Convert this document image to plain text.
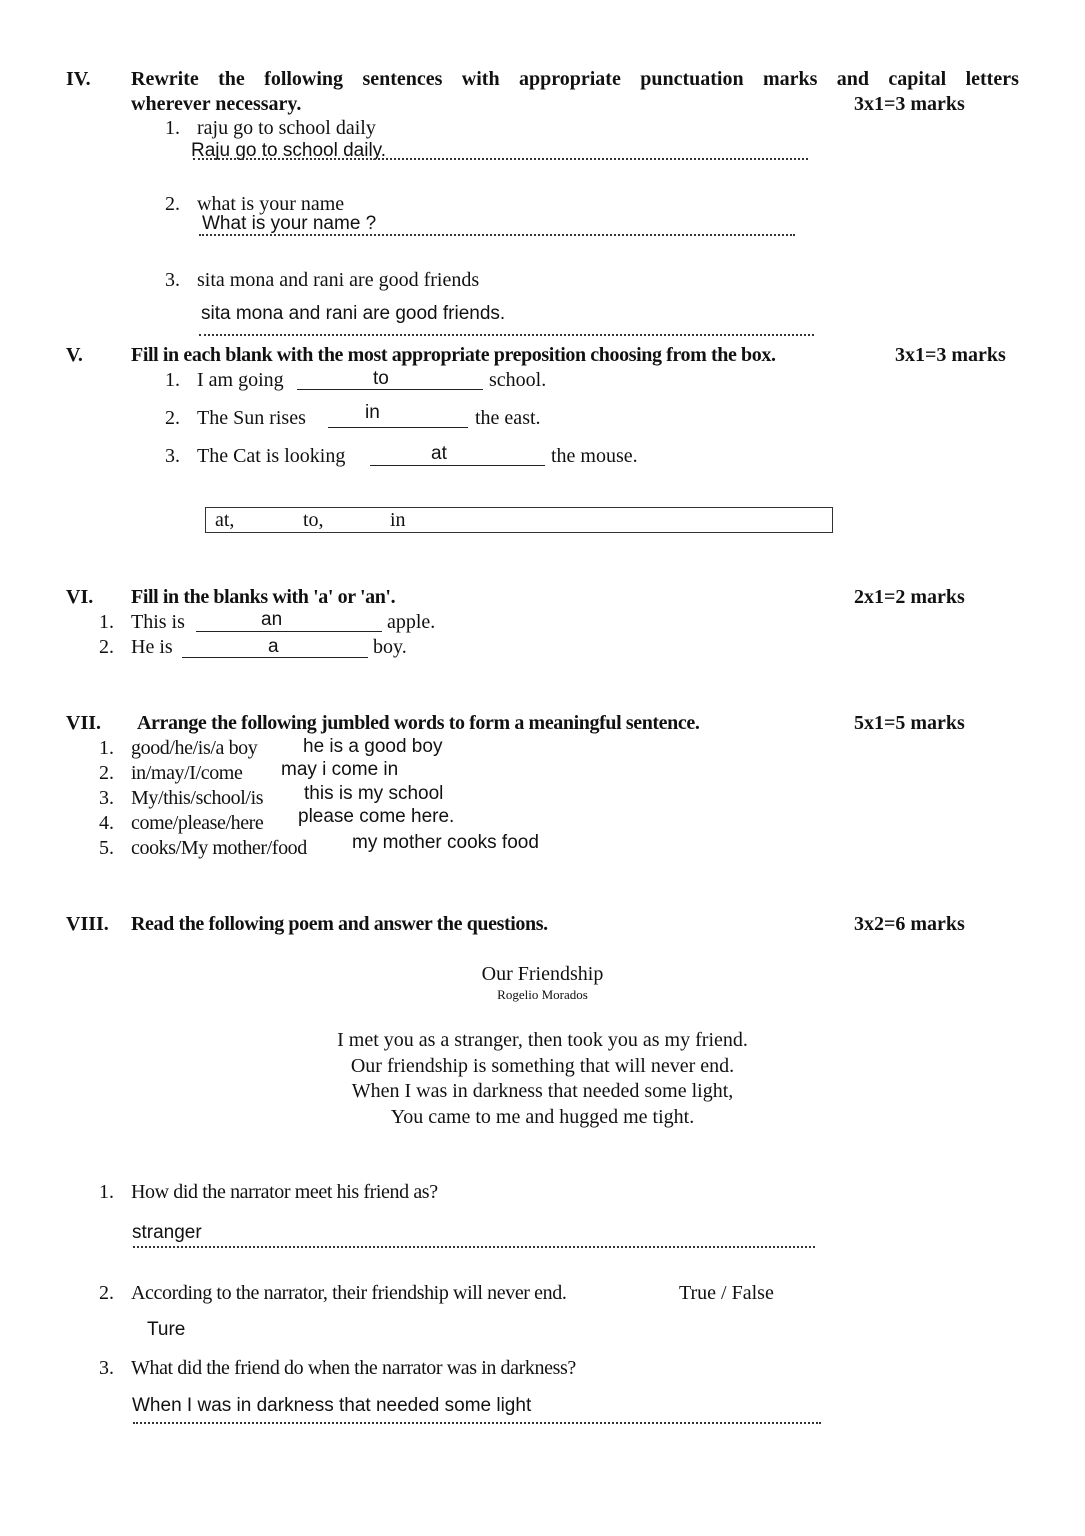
IV. Rewrite the following sentences with appropriate punctuation marks and capital letters
wherever necessary.	3x1=3 marks
1. raju go to school daily
Raju go to school daily.
2. what is your name
What is your name ?
3. sita mona and rani are good friends
sita mona and rani are good friends.
V. Fill in each blank with the most appropriate preposition choosing from the box.	3x1=3 marks
1. I am going	to	school.
2. The Sun rises	in	the east.
3. The Cat is looking	at	the mouse.
at,	to,	in
VI. Fill in the blanks with 'a' or 'an'.	2x1=2 marks
1. This is	an	apple.
2. He is	a	boy.
VII. Arrange the following jumbled words to form a meaningful sentence.	5x1=5 marks
1. good/he/is/a boy he is a good boy
2. in/may/I/come may i come in
3. My/this/school/is this is my school
4. come/please/here please come here.
5. cooks/My mother/food my mother cooks food
VIII. Read the following poem and answer the questions.	3x2=6 marks
Our Friendship
Rogelio Morados
I met you as a stranger, then took you as my friend.
Our friendship is something that will never end.
When I was in darkness that needed some light,
You came to me and hugged me tight.
1. How did the narrator meet his friend as?
stranger
2. According to the narrator, their friendship will never end.	True / False
Ture
3. What did the friend do when the narrator was in darkness?
When I was in darkness that needed some light
